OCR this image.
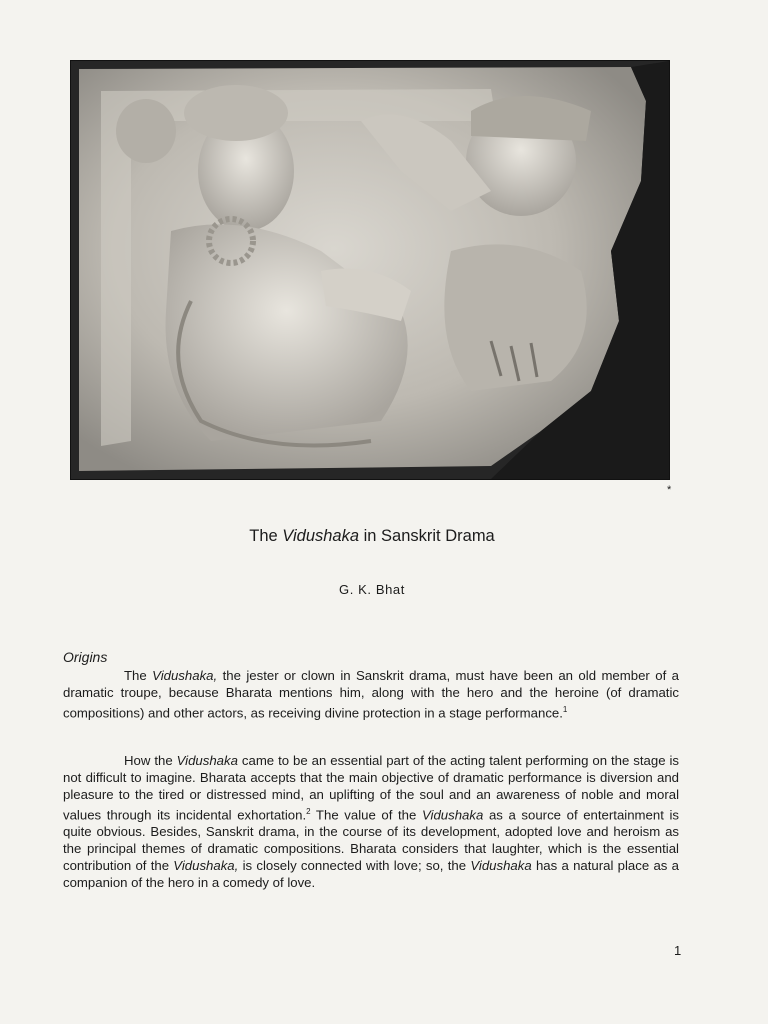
*
The Vidushaka in Sanskrit Drama
G. K. Bhat
Origins
The Vidushaka, the jester or clown in Sanskrit drama, must have been an old member of a dramatic troupe, because Bharata mentions him, along with the hero and the heroine (of dramatic compositions) and other actors, as receiving divine protection in a stage performance.$^1$
How the Vidushaka came to be an essential part of the acting talent performing on the stage is not difficult to imagine. Bharata accepts that the main objective of dramatic performance is diversion and pleasure to the tired or distressed mind, an uplifting of the soul and an awareness of noble and moral values through its incidental exhortation.$^2$ The value of the Vidushaka as a source of entertainment is quite obvious. Besides, Sanskrit drama, in the course of its development, adopted love and heroism as the principal themes of dramatic compositions. Bharata considers that laughter, which is the essential contribution of the Vidushaka, is closely connected with love; so, the Vidushaka has a natural place as a companion of the hero in a comedy of love.
1
